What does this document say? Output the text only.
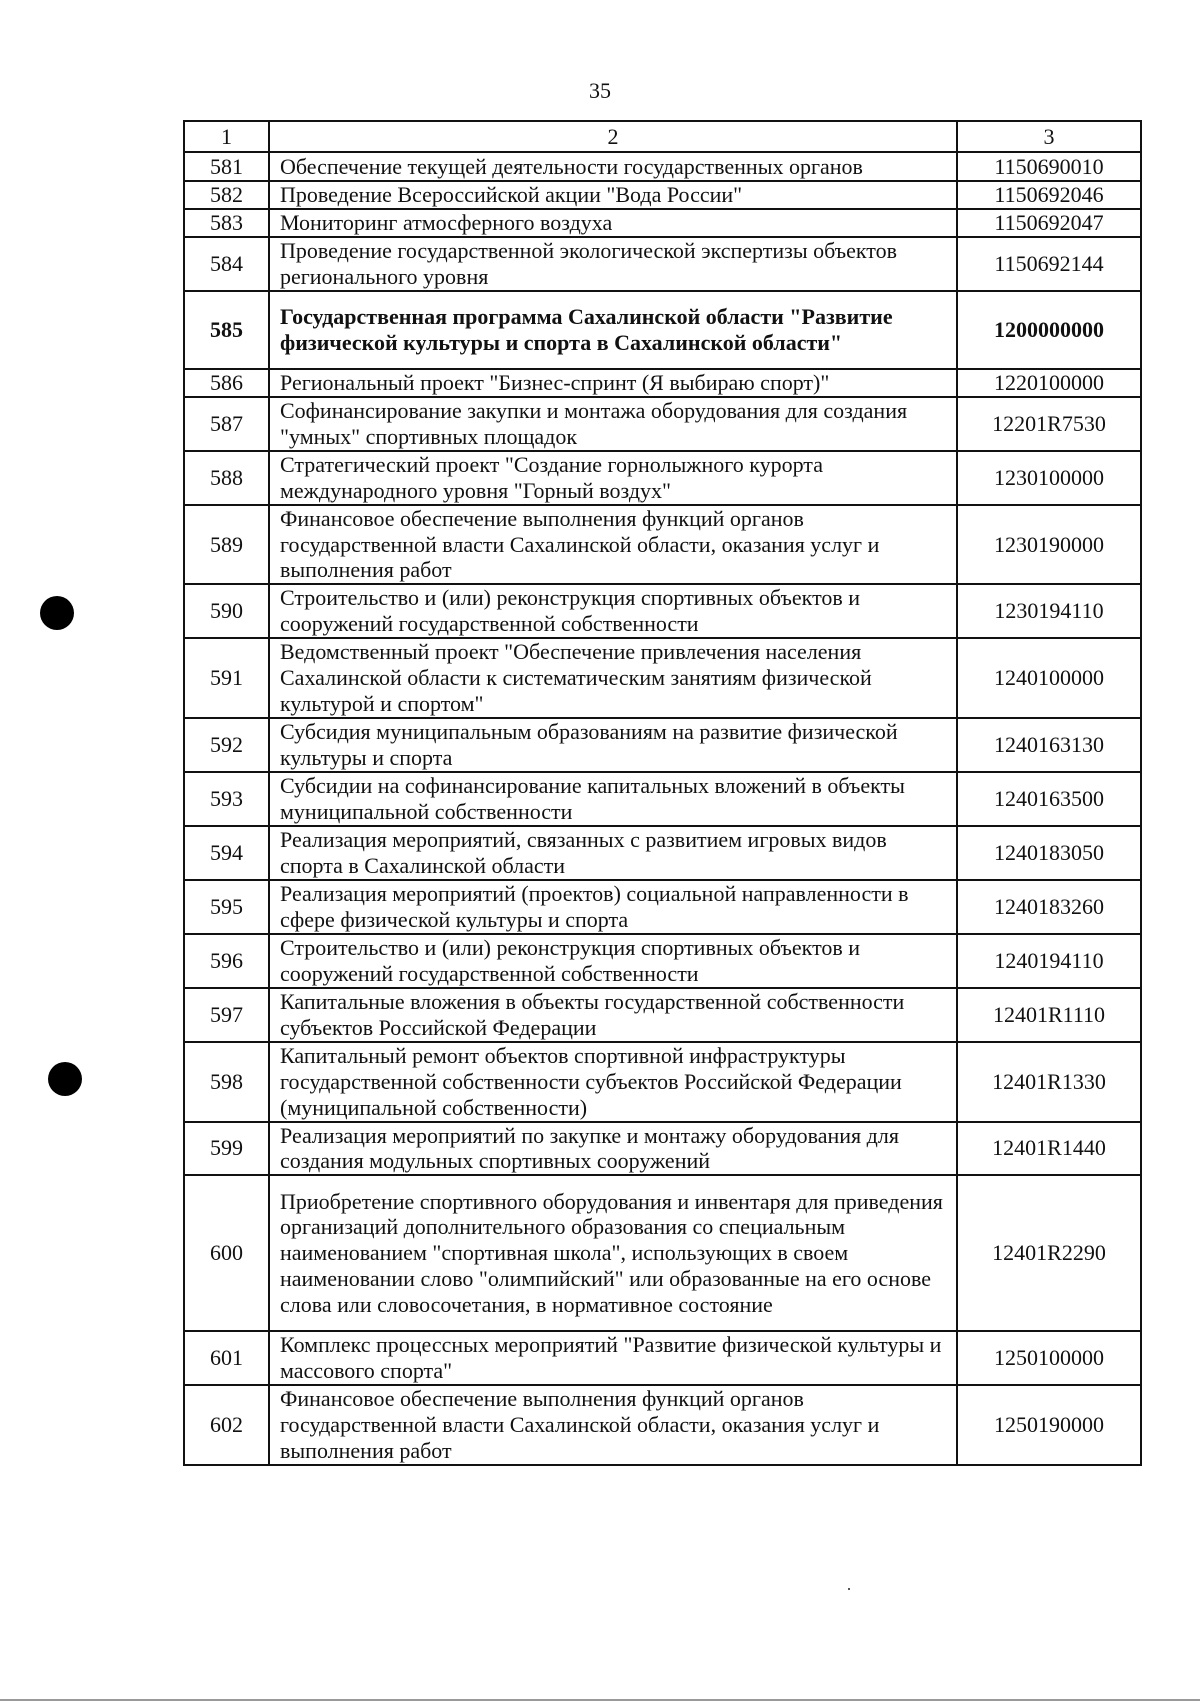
35
1	2	3
581	Обеспечение текущей деятельности государственных органов	1150690010
582	Проведение Всероссийской акции "Вода России"	1150692046
583	Мониторинг атмосферного воздуха	1150692047
584	Проведение государственной экологической экспертизы объектов регионального уровня	1150692144
585	Государственная программа Сахалинской области "Развитие физической культуры и спорта в Сахалинской области"	1200000000
586	Региональный проект "Бизнес-спринт (Я выбираю спорт)"	1220100000
587	Софинансирование закупки и монтажа оборудования для создания "умных" спортивных площадок	12201R7530
588	Стратегический проект "Создание горнолыжного курорта международного уровня "Горный воздух"	1230100000
589	Финансовое обеспечение выполнения функций органов государственной власти Сахалинской области, оказания услуг и выполнения работ	1230190000
590	Строительство и (или) реконструкция спортивных объектов и сооружений государственной собственности	1230194110
591	Ведомственный проект "Обеспечение привлечения населения Сахалинской области к систематическим занятиям физической культурой и спортом"	1240100000
592	Субсидия муниципальным образованиям на развитие физической культуры и спорта	1240163130
593	Субсидии на софинансирование капитальных вложений в объекты муниципальной собственности	1240163500
594	Реализация мероприятий, связанных с развитием игровых видов спорта в Сахалинской области	1240183050
595	Реализация мероприятий (проектов) социальной направленности в сфере физической культуры и спорта	1240183260
596	Строительство и (или) реконструкция спортивных объектов и сооружений государственной собственности	1240194110
597	Капитальные вложения в объекты государственной собственности субъектов Российской Федерации	12401R1110
598	Капитальный ремонт объектов спортивной инфраструктуры государственной собственности субъектов Российской Федерации (муниципальной собственности)	12401R1330
599	Реализация мероприятий по закупке и монтажу оборудования для создания модульных спортивных сооружений	12401R1440
600	Приобретение спортивного оборудования и инвентаря для приведения организаций дополнительного образования со специальным наименованием "спортивная школа", использующих в своем наименовании слово "олимпийский" или образованные на его основе слова или словосочетания, в нормативное состояние	12401R2290
601	Комплекс процессных мероприятий "Развитие физической культуры и массового спорта"	1250100000
602	Финансовое обеспечение выполнения функций органов государственной власти Сахалинской области, оказания услуг и выполнения работ	1250190000
